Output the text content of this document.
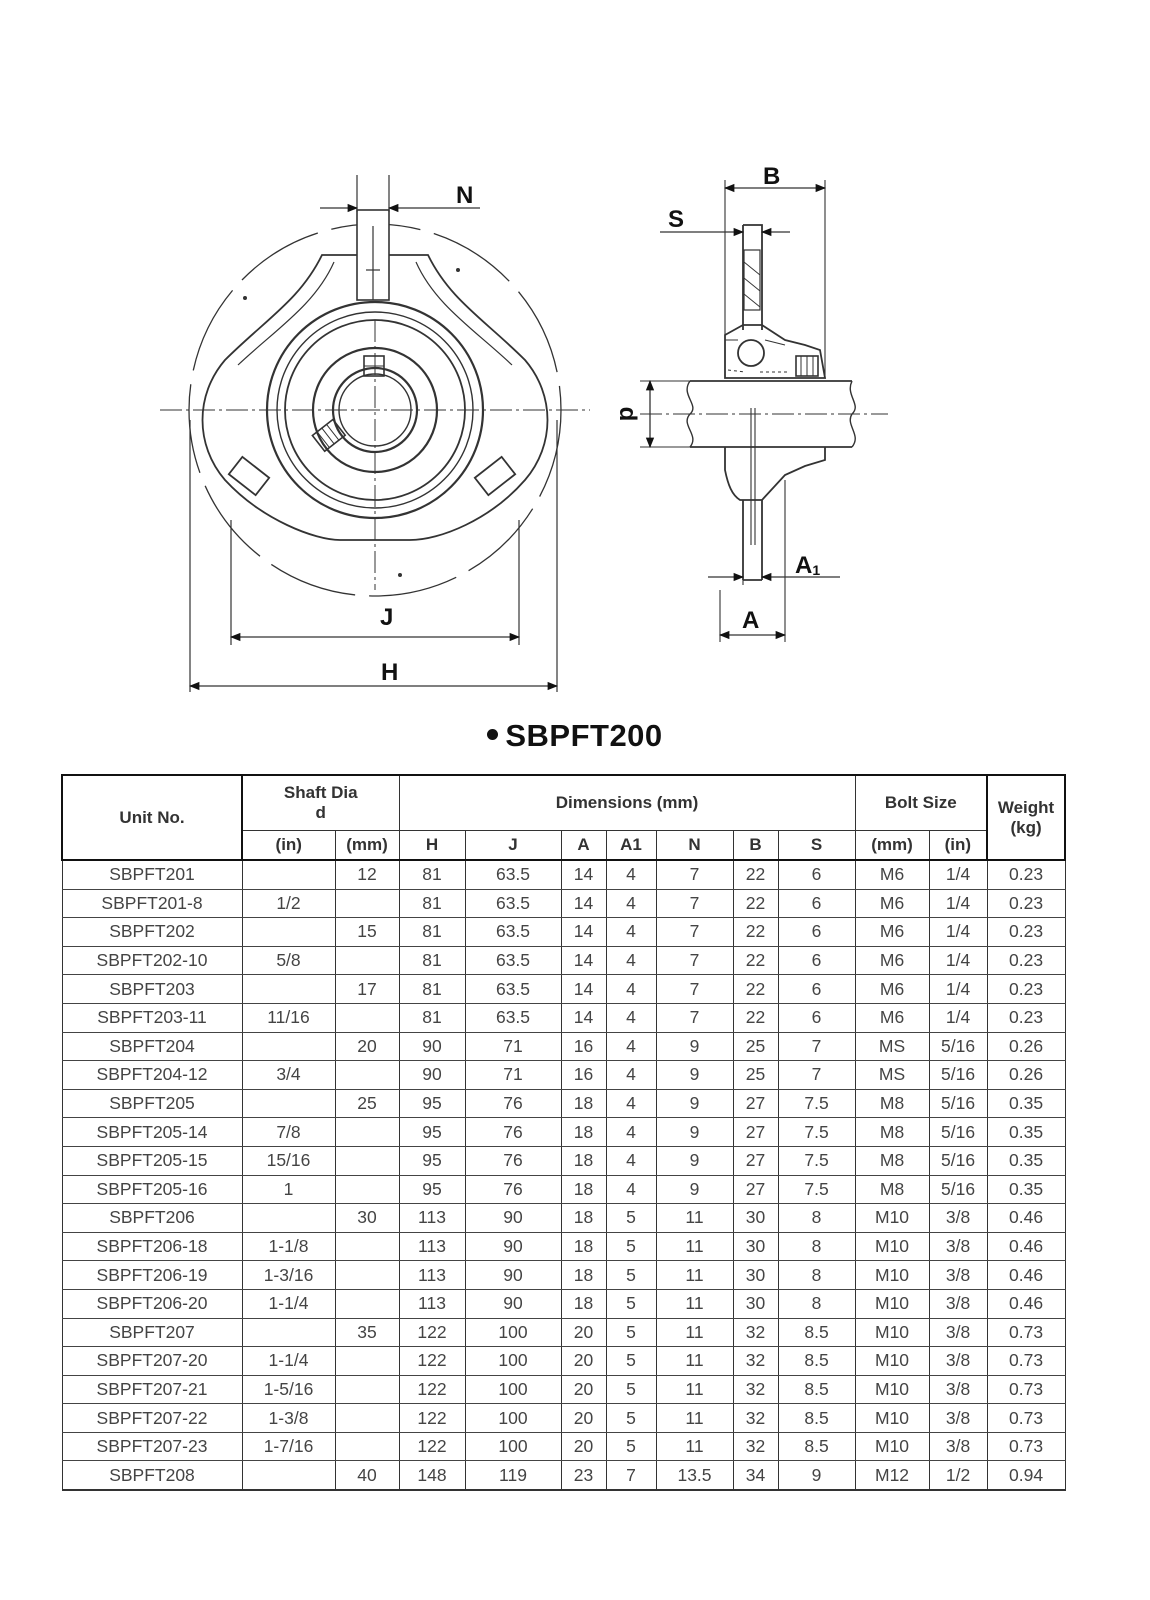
N
J
H
B
S
d
A1
A
SBPFT200
Unit No.	Shaft Dia
d		Dimensions (mm)							Bolt Size		Weight
(kg)
	(in)	(mm)	H	J	A	A1	N	B	S	(mm)	(in)	
SBPFT201		12	81	63.5	14	4	7	22	6	M6	1/4	0.23
SBPFT201-8	1/2		81	63.5	14	4	7	22	6	M6	1/4	0.23
SBPFT202		15	81	63.5	14	4	7	22	6	M6	1/4	0.23
SBPFT202-10	5/8		81	63.5	14	4	7	22	6	M6	1/4	0.23
SBPFT203		17	81	63.5	14	4	7	22	6	M6	1/4	0.23
SBPFT203-11	11/16		81	63.5	14	4	7	22	6	M6	1/4	0.23
SBPFT204		20	90	71	16	4	9	25	7	MS	5/16	0.26
SBPFT204-12	3/4		90	71	16	4	9	25	7	MS	5/16	0.26
SBPFT205		25	95	76	18	4	9	27	7.5	M8	5/16	0.35
SBPFT205-14	7/8		95	76	18	4	9	27	7.5	M8	5/16	0.35
SBPFT205-15	15/16		95	76	18	4	9	27	7.5	M8	5/16	0.35
SBPFT205-16	1		95	76	18	4	9	27	7.5	M8	5/16	0.35
SBPFT206		30	113	90	18	5	11	30	8	M10	3/8	0.46
SBPFT206-18	1-1/8		113	90	18	5	11	30	8	M10	3/8	0.46
SBPFT206-19	1-3/16		113	90	18	5	11	30	8	M10	3/8	0.46
SBPFT206-20	1-1/4		113	90	18	5	11	30	8	M10	3/8	0.46
SBPFT207		35	122	100	20	5	11	32	8.5	M10	3/8	0.73
SBPFT207-20	1-1/4		122	100	20	5	11	32	8.5	M10	3/8	0.73
SBPFT207-21	1-5/16		122	100	20	5	11	32	8.5	M10	3/8	0.73
SBPFT207-22	1-3/8		122	100	20	5	11	32	8.5	M10	3/8	0.73
SBPFT207-23	1-7/16		122	100	20	5	11	32	8.5	M10	3/8	0.73
SBPFT208		40	148	119	23	7	13.5	34	9	M12	1/2	0.94
